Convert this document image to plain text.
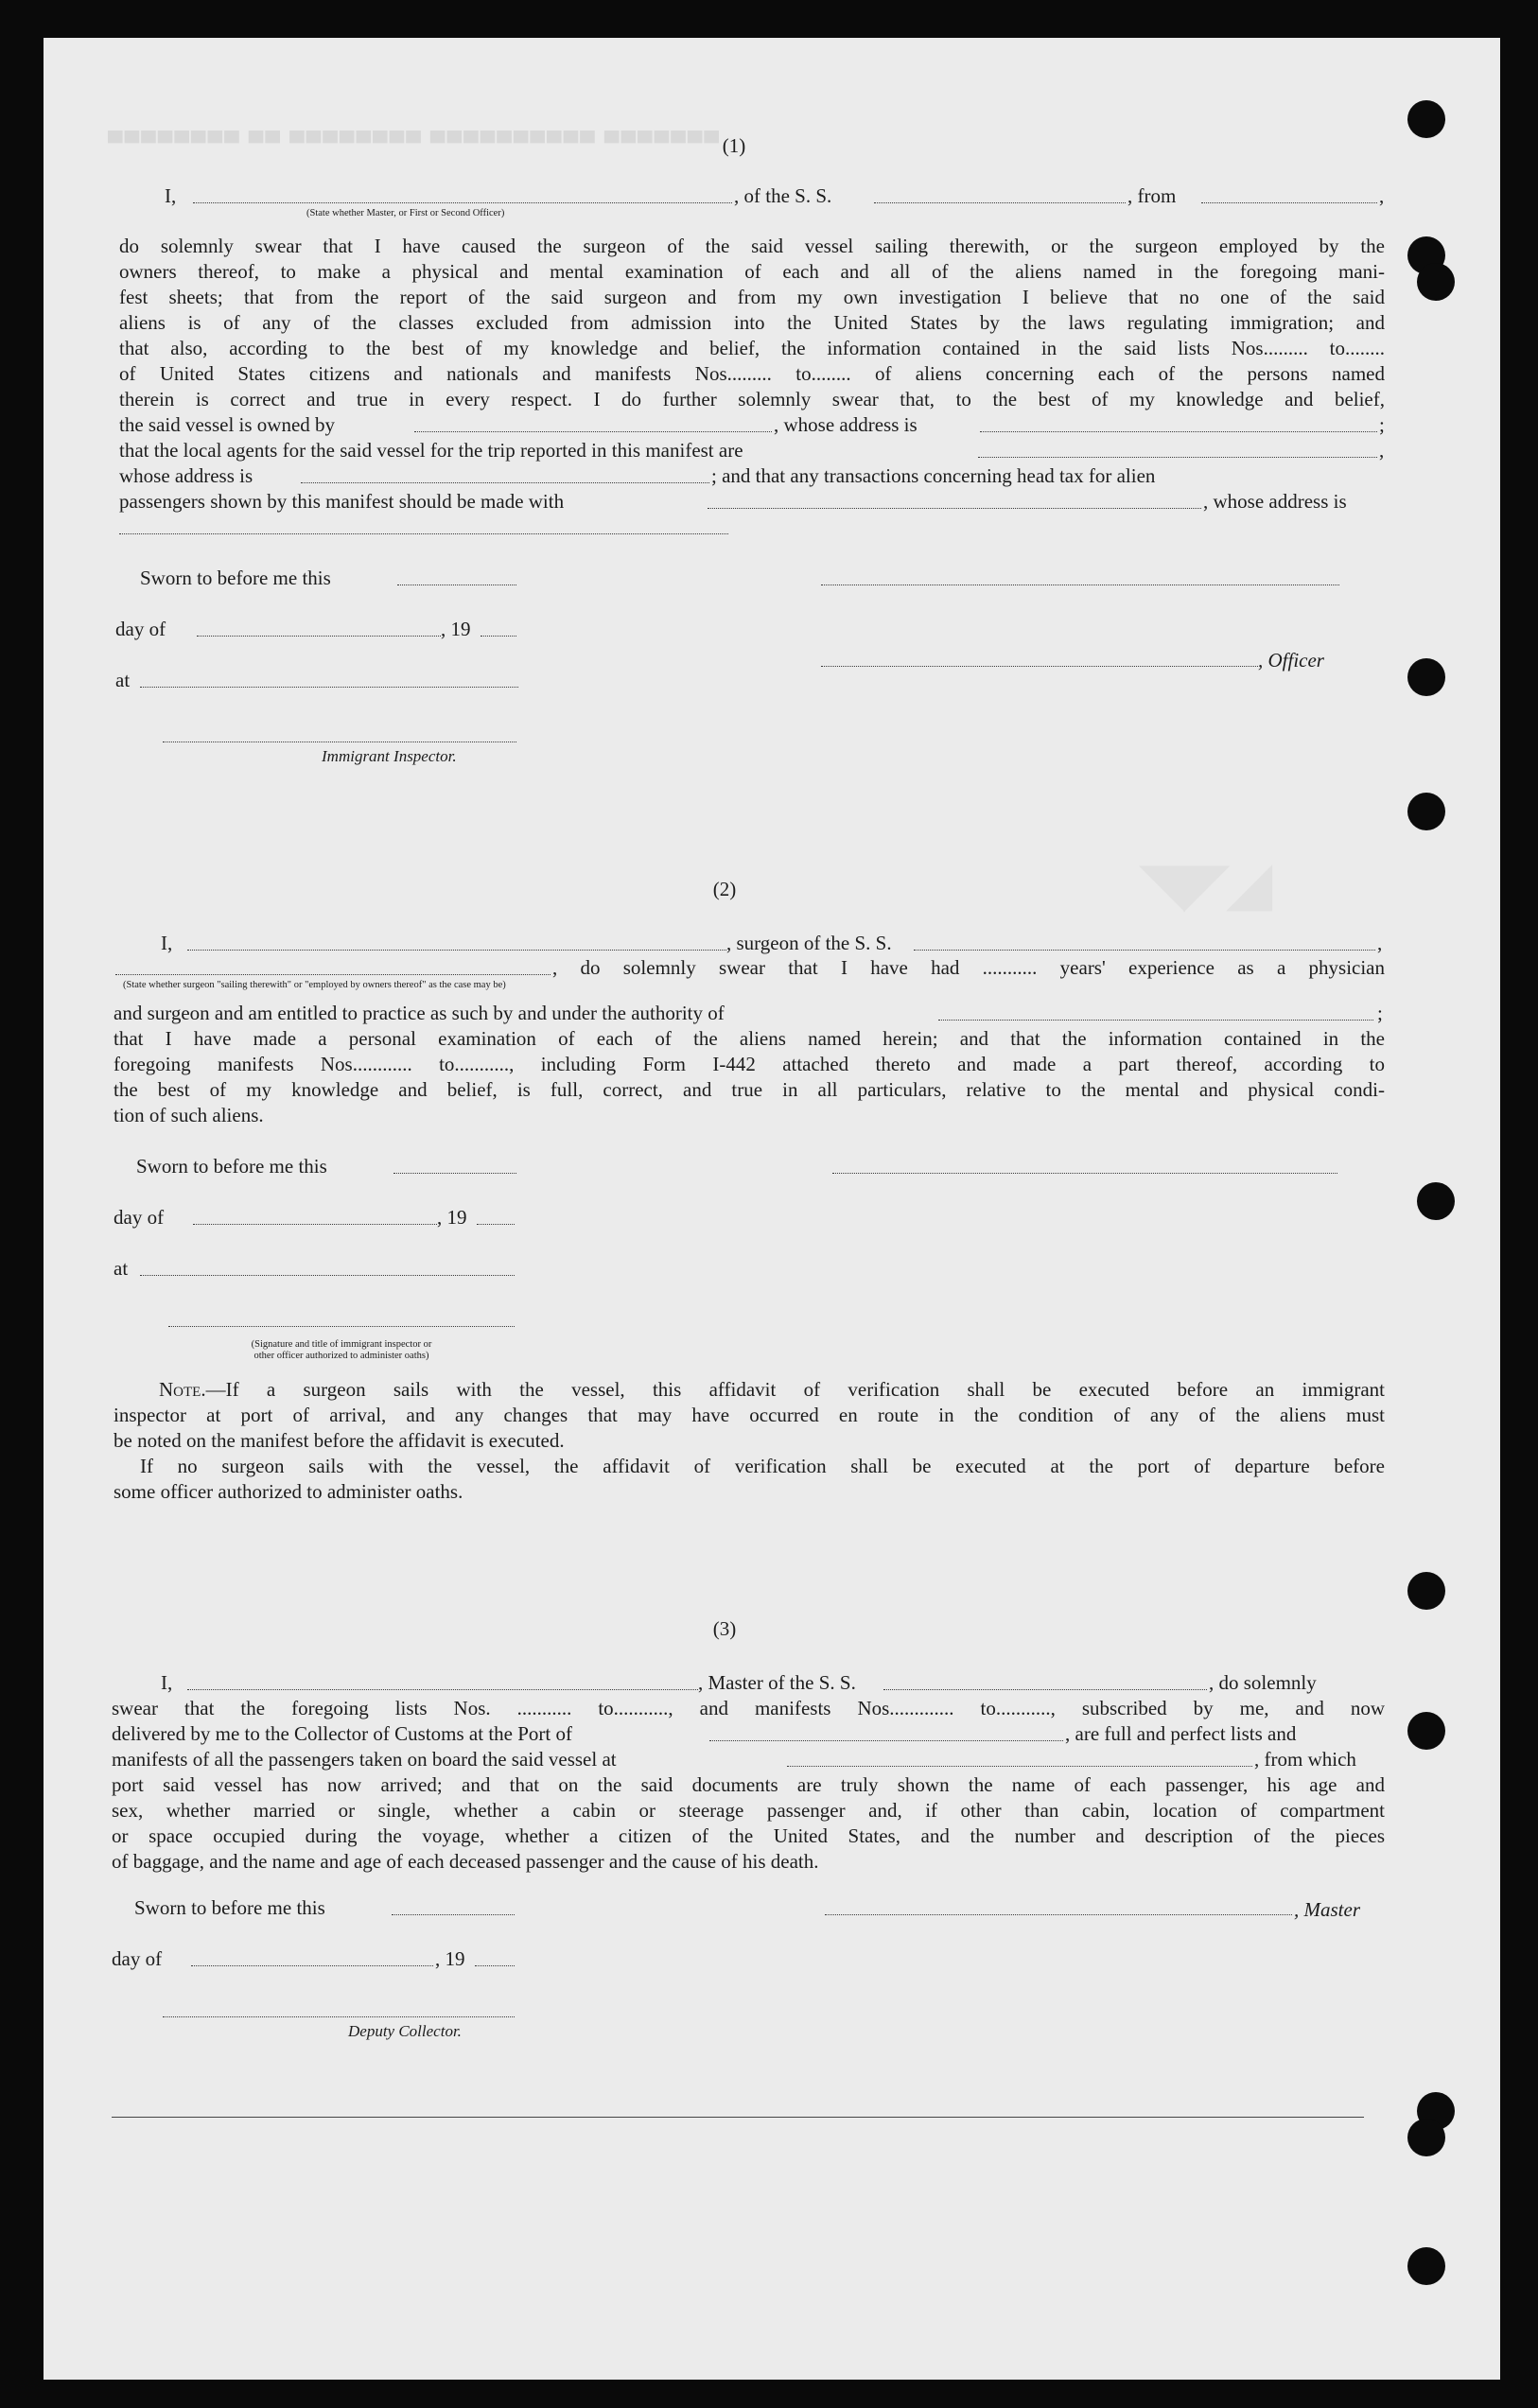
▀▀▀▀▀▀▀▀ ▀▀ ▀▀▀▀▀▀▀▀ ▀▀▀▀▀▀▀▀▀▀ ▀▀▀▀▀▀▀
◥◤◢
(1)
I,	, of the S. S.	, from	,
(State whether Master, or First or Second Officer)
do solemnly swear that I have caused the surgeon of the said vessel sailing therewith, or the surgeon employed by the
owners thereof, to make a physical and mental examination of each and all of the aliens named in the foregoing mani-
fest sheets; that from the report of the said surgeon and from my own investigation I believe that no one of the said
aliens is of any of the classes excluded from admission into the United States by the laws regulating immigration; and
that also, according to the best of my knowledge and belief, the information contained in the said lists Nos......... to........
of United States citizens and nationals and manifests Nos......... to........ of aliens concerning each of the persons named
therein is correct and true in every respect. I do further solemnly swear that, to the best of my knowledge and belief,
the said vessel is owned by	, whose address is	;
that the local agents for the said vessel for the trip reported in this manifest are	,
whose address is	; and that any transactions concerning head tax for alien
passengers shown by this manifest should be made with	, whose address is
Sworn to before me this
day of	, 19
, Officer
at
Immigrant Inspector.
(2)
I,	, surgeon of the S. S.	,
, do solemnly swear that I have had ........... years' experience as a physician
(State whether surgeon "sailing therewith" or "employed by owners thereof" as the case may be)
and surgeon and am entitled to practice as such by and under the authority of	;
that I have made a personal examination of each of the aliens named herein; and that the information contained in the
foregoing manifests Nos............ to..........., including Form I-442 attached thereto and made a part thereof, according to
the best of my knowledge and belief, is full, correct, and true in all particulars, relative to the mental and physical condi-
tion of such aliens.
Sworn to before me this
day of	, 19
at
(Signature and title of immigrant inspector or
other officer authorized to administer oaths)
Note.—If a surgeon sails with the vessel, this affidavit of verification shall be executed before an immigrant
inspector at port of arrival, and any changes that may have occurred en route in the condition of any of the aliens must
be noted on the manifest before the affidavit is executed.
If no surgeon sails with the vessel, the affidavit of verification shall be executed at the port of departure before
some officer authorized to administer oaths.
(3)
I,	, Master of the S. S.	, do solemnly
swear that the foregoing lists Nos. ........... to..........., and manifests Nos............. to..........., subscribed by me, and now
delivered by me to the Collector of Customs at the Port of	, are full and perfect lists and
manifests of all the passengers taken on board the said vessel at	, from which
port said vessel has now arrived; and that on the said documents are truly shown the name of each passenger, his age and
sex, whether married or single, whether a cabin or steerage passenger and, if other than cabin, location of compartment
or space occupied during the voyage, whether a citizen of the United States, and the number and description of the pieces
of baggage, and the name and age of each deceased passenger and the cause of his death.
Sworn to before me this	, Master
day of	, 19
Deputy Collector.
